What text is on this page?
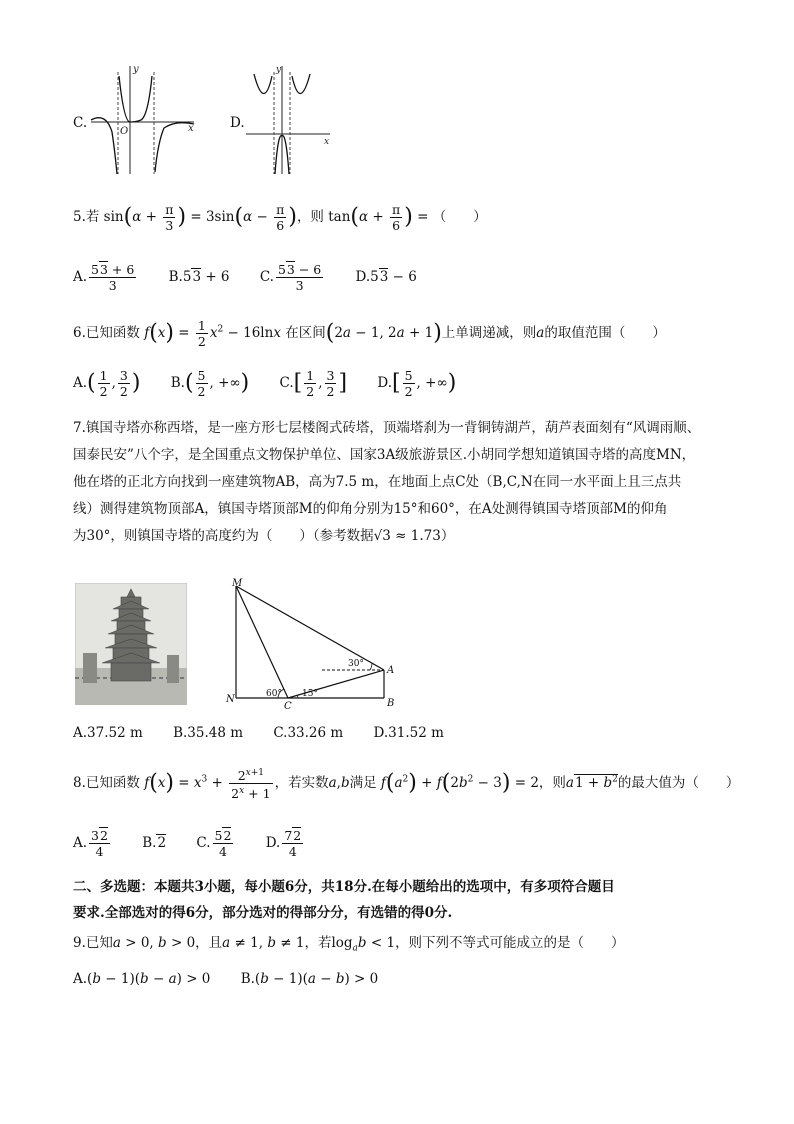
C.
y
x
O
D.
y
x
5.若 $\sin(\alpha + \frac{\pi}{3}$ ) = $3\sin(\alpha - \frac{\pi}{6}$ )，则 $\tan(\alpha + \frac{\pi}{6}$ ) = （　　）
A. $\frac{53 + 6}{3} B.53 + 6$ C. $\frac{53 - 6}{3} D.53 - 6$
6.已知函数 $f(x) = \frac{1}{2} x^2 - 16\ln x$ 在区间(2a − 1, 2a + 1)上单调递减，则a的取值范围（　　）
$A.( \frac{1}{2}$ , $\frac{3}{2}$ ) $B.( \frac{5}{2}$ , +∞) $C.[ \frac{1}{2}$ , $\frac{3}{2}$ ] $D.[ \frac{5}{2}$ , +∞)
7.镇国寺塔亦称西塔，是一座方形七层楼阁式砖塔，顶端塔刹为一背铜铸湖芦，葫芦表面刻有“风调雨顺、
国泰民安”八个字，是全国重点文物保护单位、国家3A级旅游景区.小胡同学想知道镇国寺塔的高度MN，
他在塔的正北方向找到一座建筑物AB，高为7.5 m，在地面上点C处（B,C,N在同一水平面上且三点共
线）测得建筑物顶部A，镇国寺塔顶部M的仰角分别为15°和60°，在A处测得镇国寺塔顶部M的仰角
为30°，则镇国寺塔的高度约为（　　）（参考数据√3 ≈ 1.73）
M
N
C
A
B
30°
60° 15°
A.37.52 m B.35.48 m C.33.26 m D.31.52 m
8.已知函数 $f(x) = x^3 + \frac{2^{x+1}}{2^x + 1}$ ，若实数a,b满足 $f(a^2) + f(2b^2 - 3) = 2$，则$a1 + b^2$的最大值为（　　）
A. $\frac{32}{4} B.2$ C. $\frac{52}{4} D$. $\frac{72}{4}$
二、多选题：本题共3小题，每小题6分，共18分.在每小题给出的选项中，有多项符合题目
要求.全部选对的得6分，部分选对的得部分分，有选错的得0分.
9.已知a > 0, b > 0，且a ≠ 1, b ≠ 1，若$\log_ab < 1$，则下列不等式可能成立的是（　　）
A.(b − 1)(b − a) > 0 B.(b − 1)(a − b) > 0
